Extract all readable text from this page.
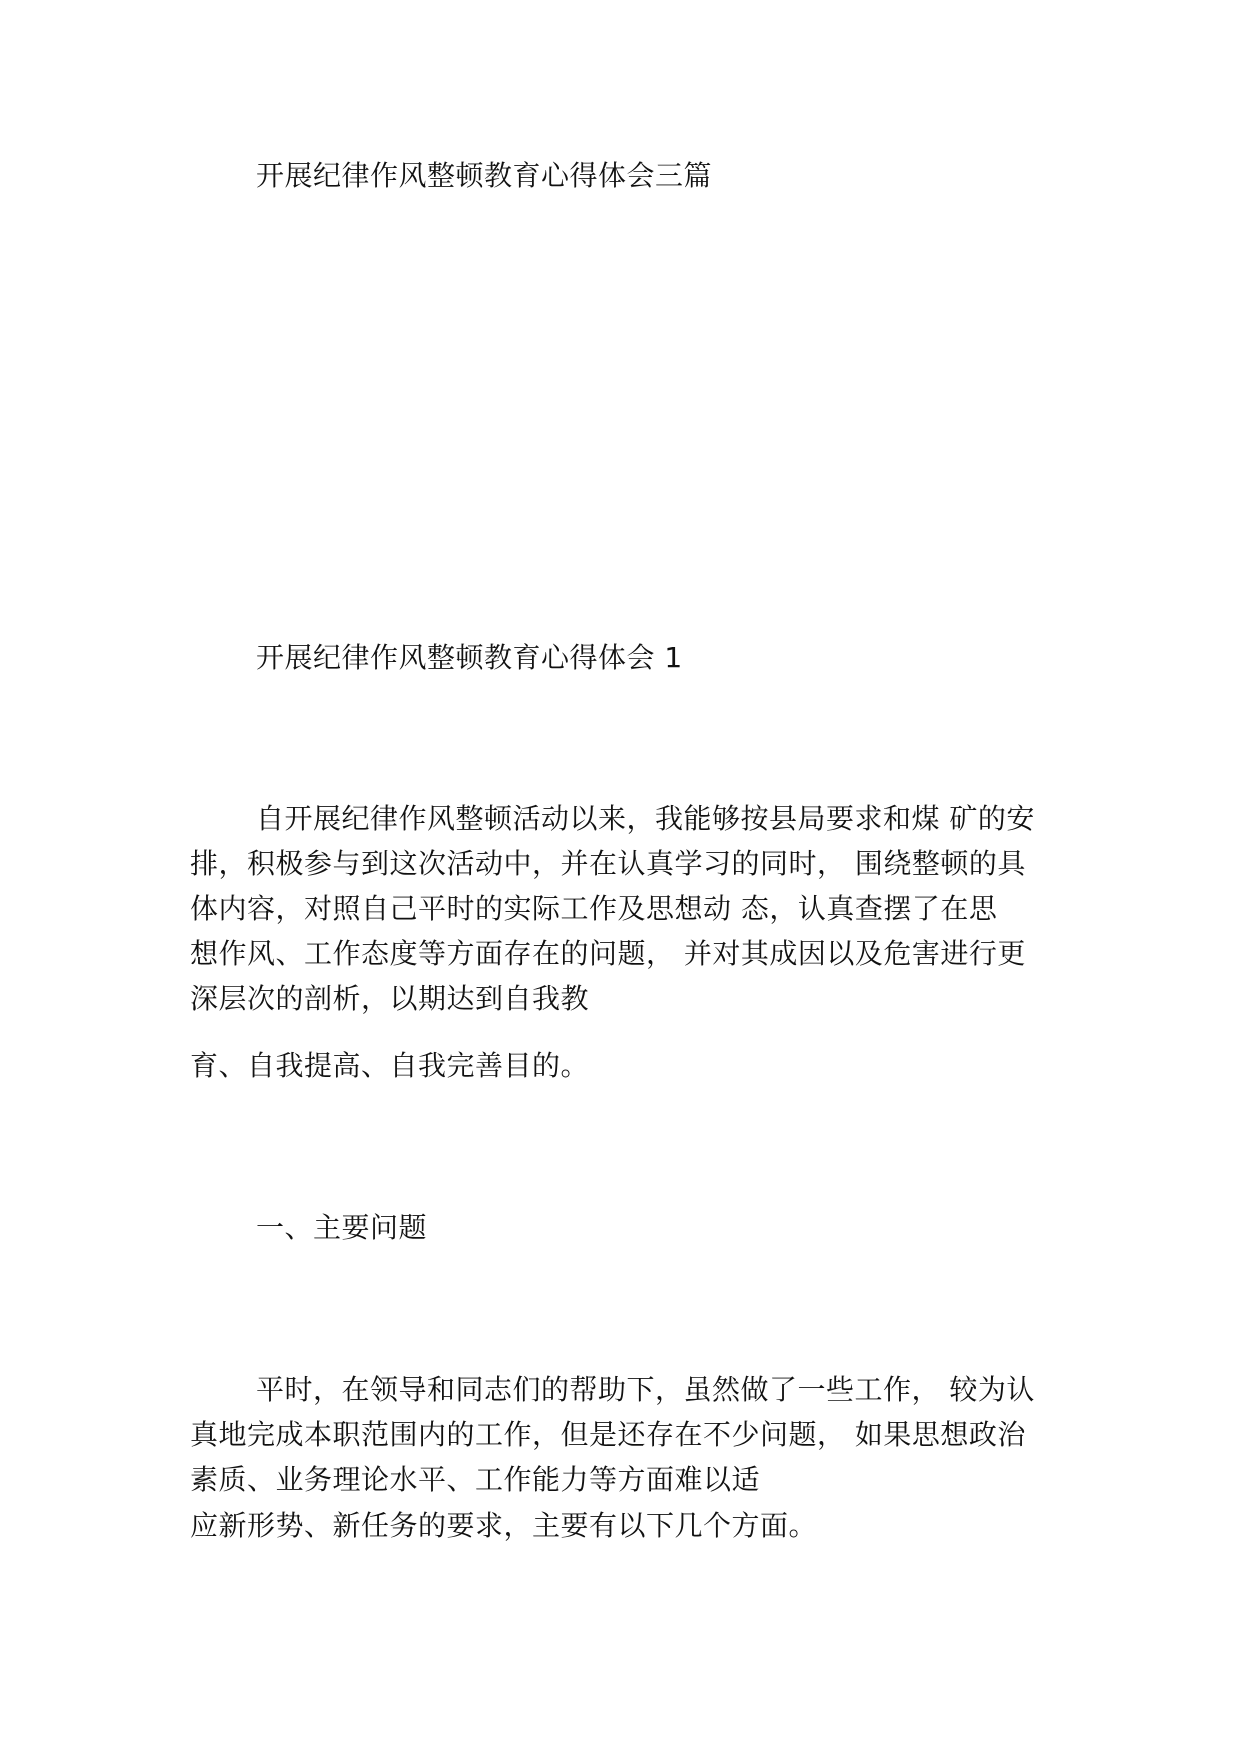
开展纪律作风整顿教育心得体会三篇
开展纪律作风整顿教育心得体会 1
自开展纪律作风整顿活动以来，我能够按县局要求和煤 矿的安
排，积极参与到这次活动中，并在认真学习的同时， 围绕整顿的具
体内容，对照自己平时的实际工作及思想动 态，认真查摆了在思
想作风、工作态度等方面存在的问题， 并对其成因以及危害进行更
深层次的剖析，以期达到自我教
育、自我提高、自我完善目的。
一、主要问题
平时，在领导和同志们的帮助下，虽然做了一些工作， 较为认
真地完成本职范围内的工作，但是还存在不少问题， 如果思想政治
素质、业务理论水平、工作能力等方面难以适
应新形势、新任务的要求，主要有以下几个方面。
